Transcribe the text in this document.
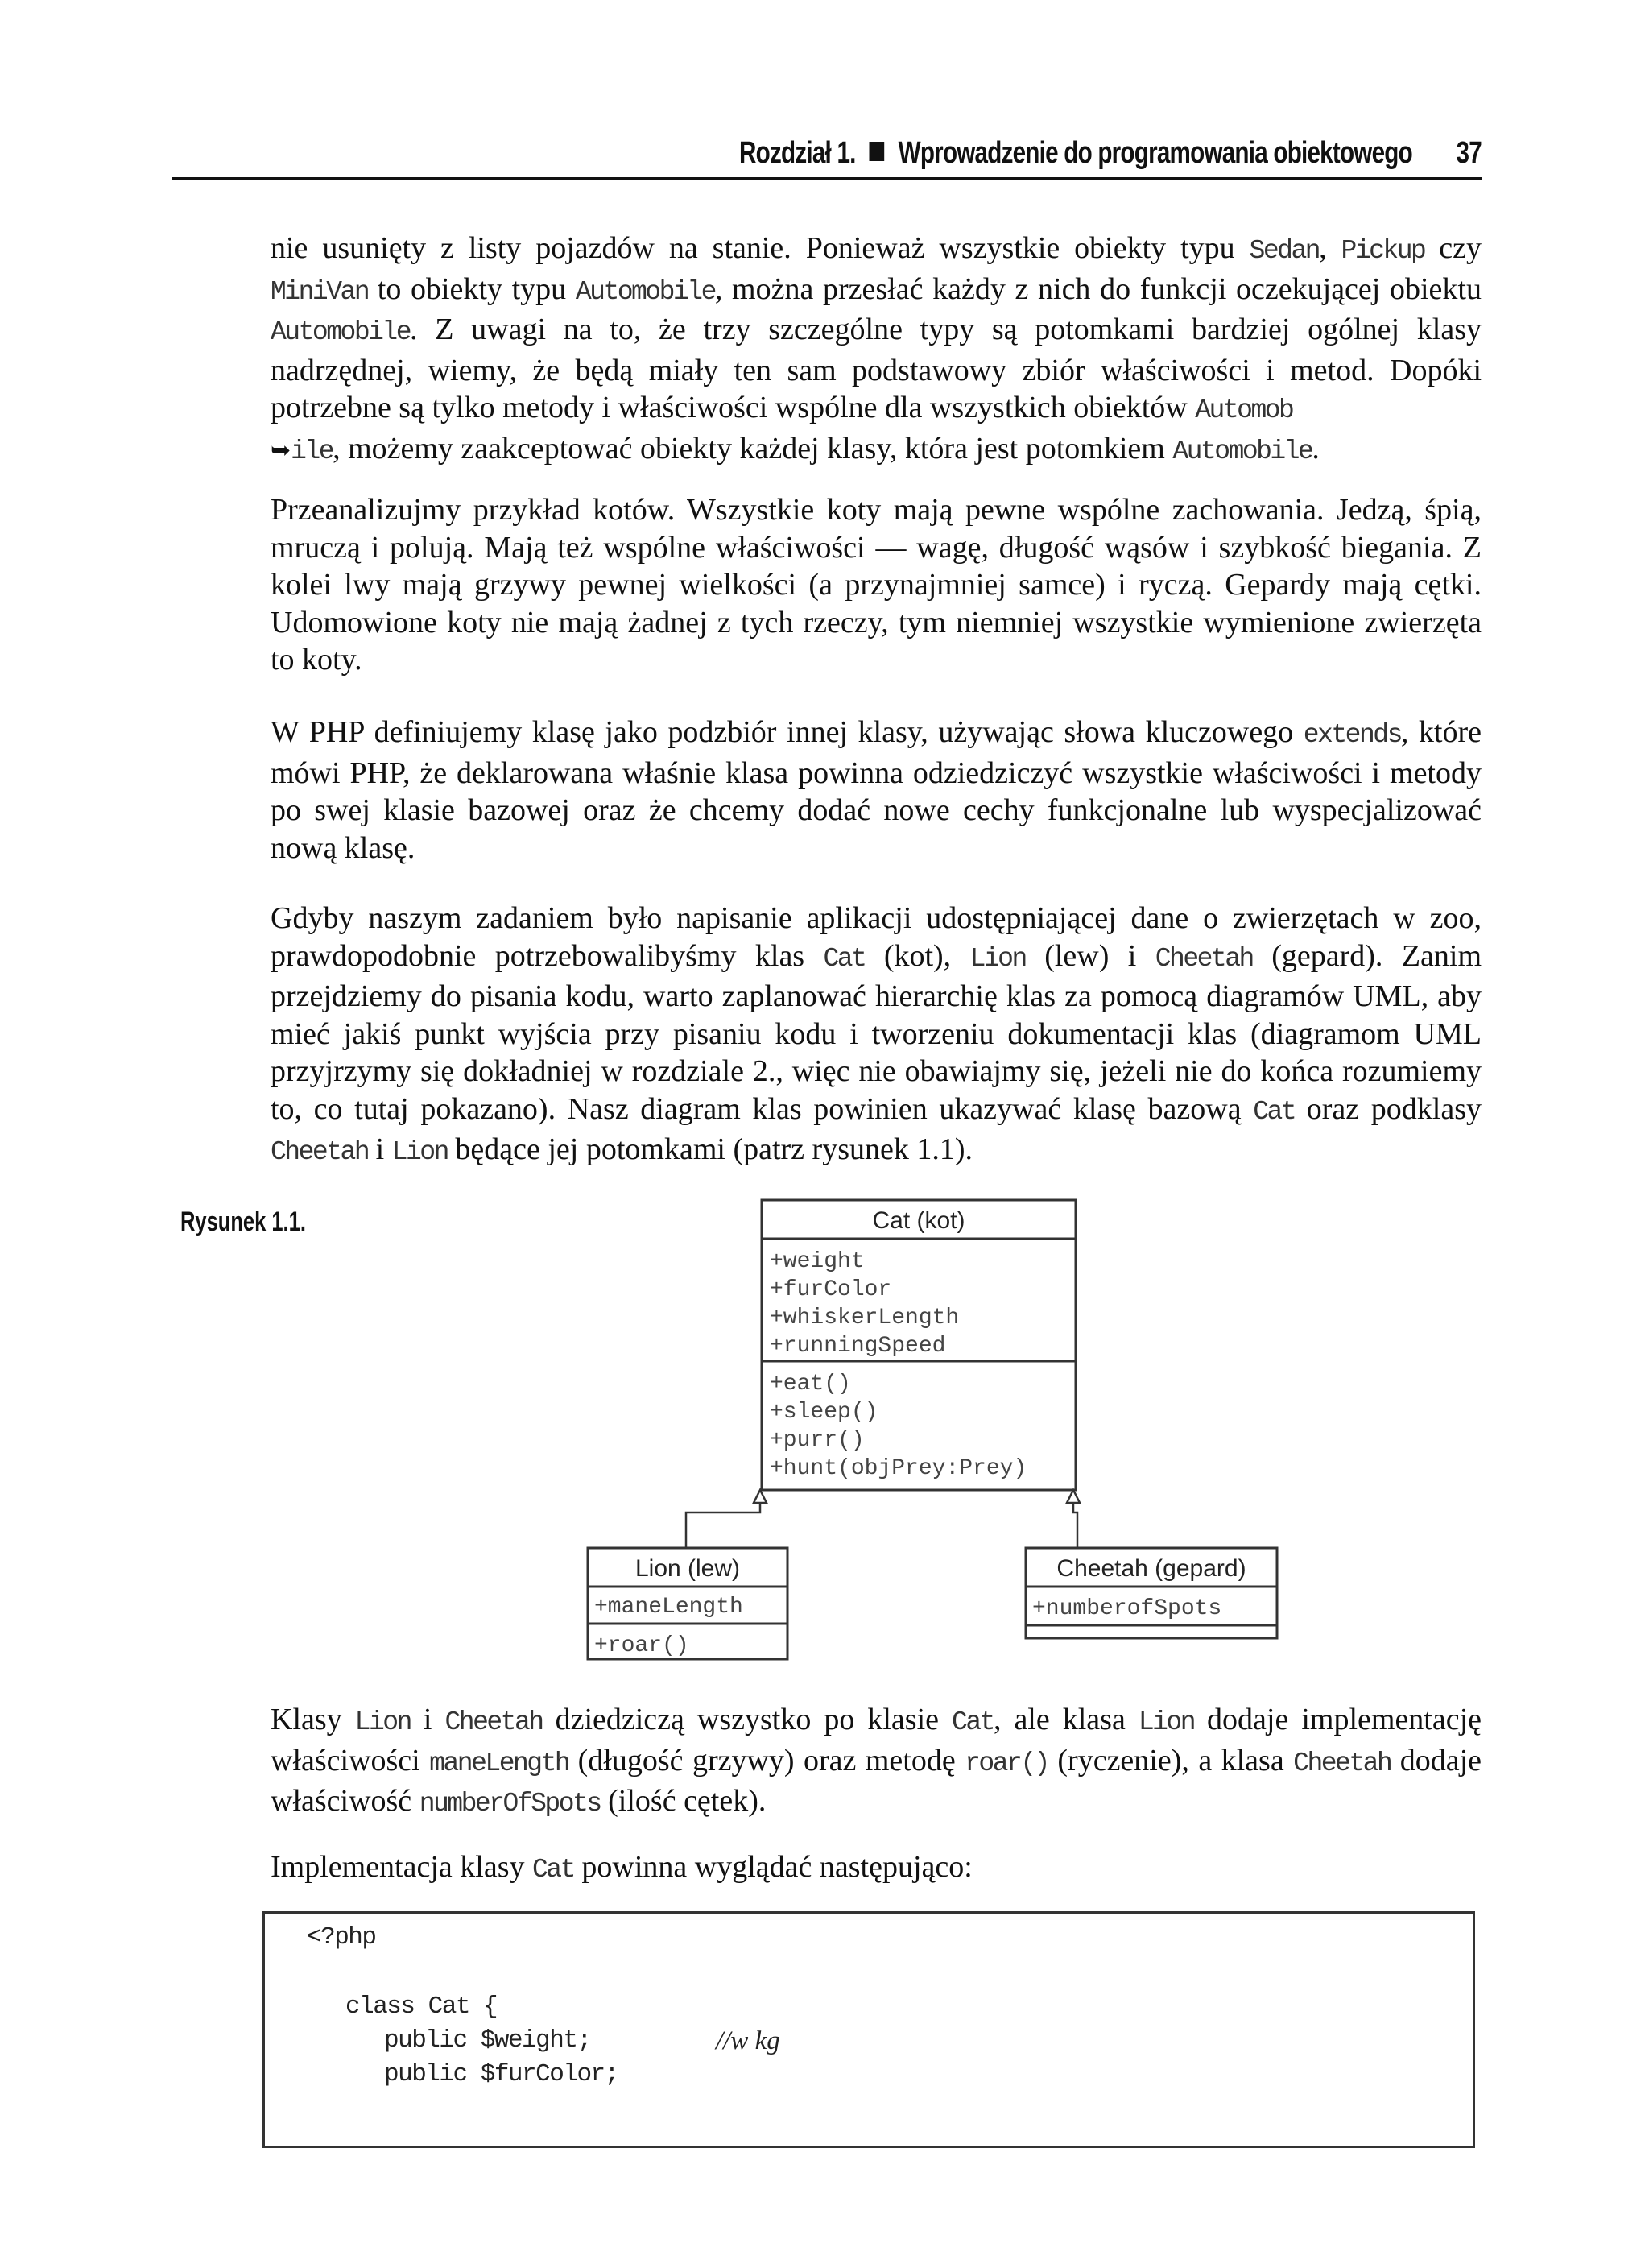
Rozdział 1. Wprowadzenie do programowania obiektowego 37

nie usunięty z listy pojazdów na stanie. Ponieważ wszystkie obiekty typu Sedan, Pickup czy MiniVan to obiekty typu Automobile, można przesłać każdy z nich do funkcji oczekującej obiektu Automobile. Z uwagi na to, że trzy szczególne typy są potomkami bardziej ogólnej klasy nadrzędnej, wiemy, że będą miały ten sam podstawowy zbiór właściwości i metod. Dopóki potrzebne są tylko metody i właściwości wspólne dla wszystkich obiektów Automob
➥ile, możemy zaakceptować obiekty każdej klasy, która jest potomkiem Automobile.

Przeanalizujmy przykład kotów. Wszystkie koty mają pewne wspólne zachowania. Jedzą, śpią, mruczą i polują. Mają też wspólne właściwości — wagę, długość wąsów i szybkość biegania. Z kolei lwy mają grzywy pewnej wielkości (a przynajmniej samce) i ryczą. Gepardy mają cętki. Udomowione koty nie mają żadnej z tych rzeczy, tym niemniej wszystkie wymienione zwierzęta to koty.

W PHP definiujemy klasę jako podzbiór innej klasy, używając słowa kluczowego extends, które mówi PHP, że deklarowana właśnie klasa powinna odziedziczyć wszystkie właściwości i metody po swej klasie bazowej oraz że chcemy dodać nowe cechy funkcjonalne lub wyspecjalizować nową klasę.

Gdyby naszym zadaniem było napisanie aplikacji udostępniającej dane o zwierzętach w zoo, prawdopodobnie potrzebowalibyśmy klas Cat (kot), Lion (lew) i Cheetah (gepard). Zanim przejdziemy do pisania kodu, warto zaplanować hierarchię klas za pomocą diagramów UML, aby mieć jakiś punkt wyjścia przy pisaniu kodu i tworzeniu dokumentacji klas (diagramom UML przyjrzymy się dokładniej w rozdziale 2., więc nie obawiajmy się, jeżeli nie do końca rozumiemy to, co tutaj pokazano). Nasz diagram klas powinien ukazywać klasę bazową Cat oraz podklasy Cheetah i Lion będące jej potomkami (patrz rysunek 1.1).

Rysunek 1.1.	Cat (kot)
+weight
+furColor
+whiskerLength
+runningSpeed
+eat()
+sleep()
+purr()
+hunt(objPrey:Prey)
Lion (lew)
+maneLength
+roar()
Cheetah (gepard)
+numberofSpots

Klasy Lion i Cheetah dziedziczą wszystko po klasie Cat, ale klasa Lion dodaje implementację właściwości maneLength (długość grzywy) oraz metodę roar() (ryczenie), a klasa Cheetah dodaje właściwość numberOfSpots (ilość cętek).

Implementacja klasy Cat powinna wyglądać następująco:

<?php
class Cat {
public $weight;	//w kg
public $furColor;
